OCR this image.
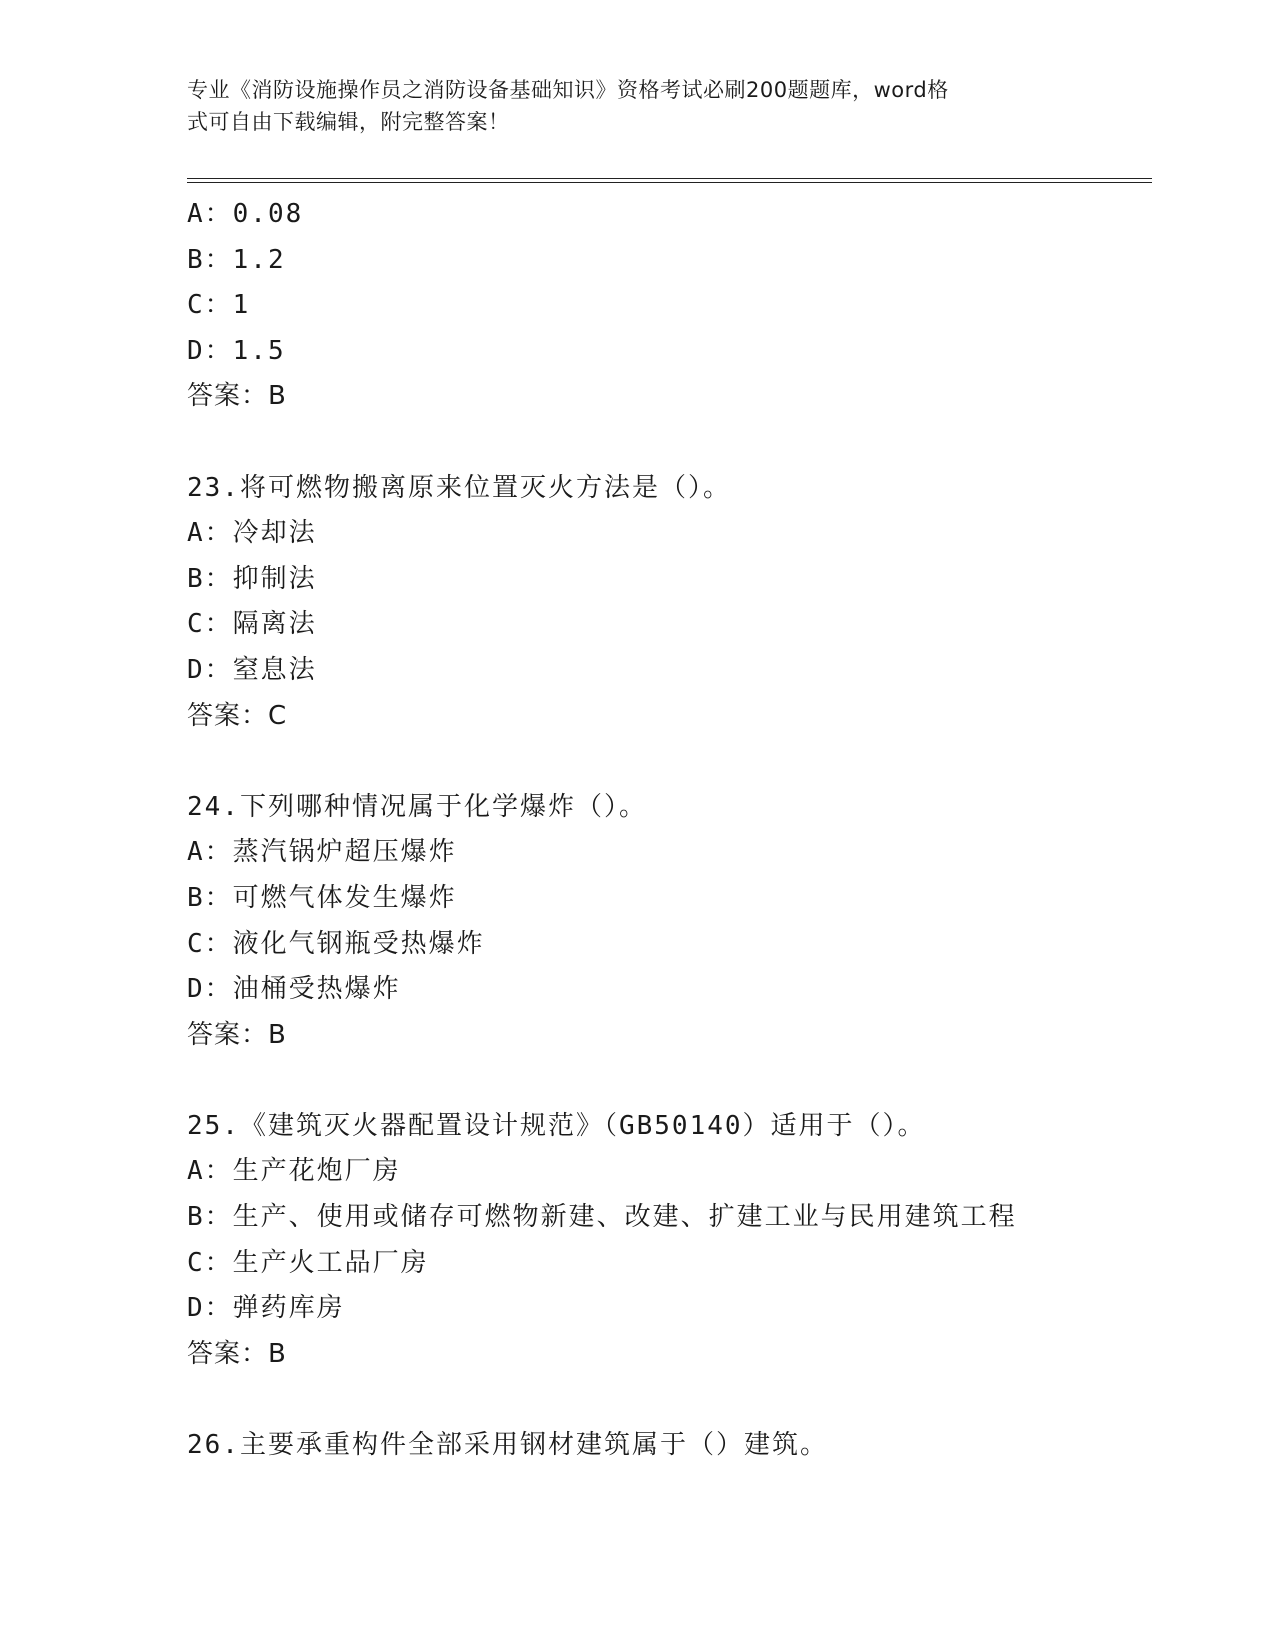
专业《消防设施操作员之消防设备基础知识》资格考试必刷200题题库，word格
式可自由下载编辑，附完整答案！
A：0.08
B：1.2
C：1
D：1.5
答案：B
23.将可燃物搬离原来位置灭火方法是（）。
A：冷却法
B：抑制法
C：隔离法
D：窒息法
答案：C
24.下列哪种情况属于化学爆炸（）。
A：蒸汽锅炉超压爆炸
B：可燃气体发生爆炸
C：液化气钢瓶受热爆炸
D：油桶受热爆炸
答案：B
25.《建筑灭火器配置设计规范》（GB50140）适用于（）。
A：生产花炮厂房
B：生产、使用或储存可燃物新建、改建、扩建工业与民用建筑工程
C：生产火工品厂房
D：弹药库房
答案：B
26.主要承重构件全部采用钢材建筑属于（）建筑。
